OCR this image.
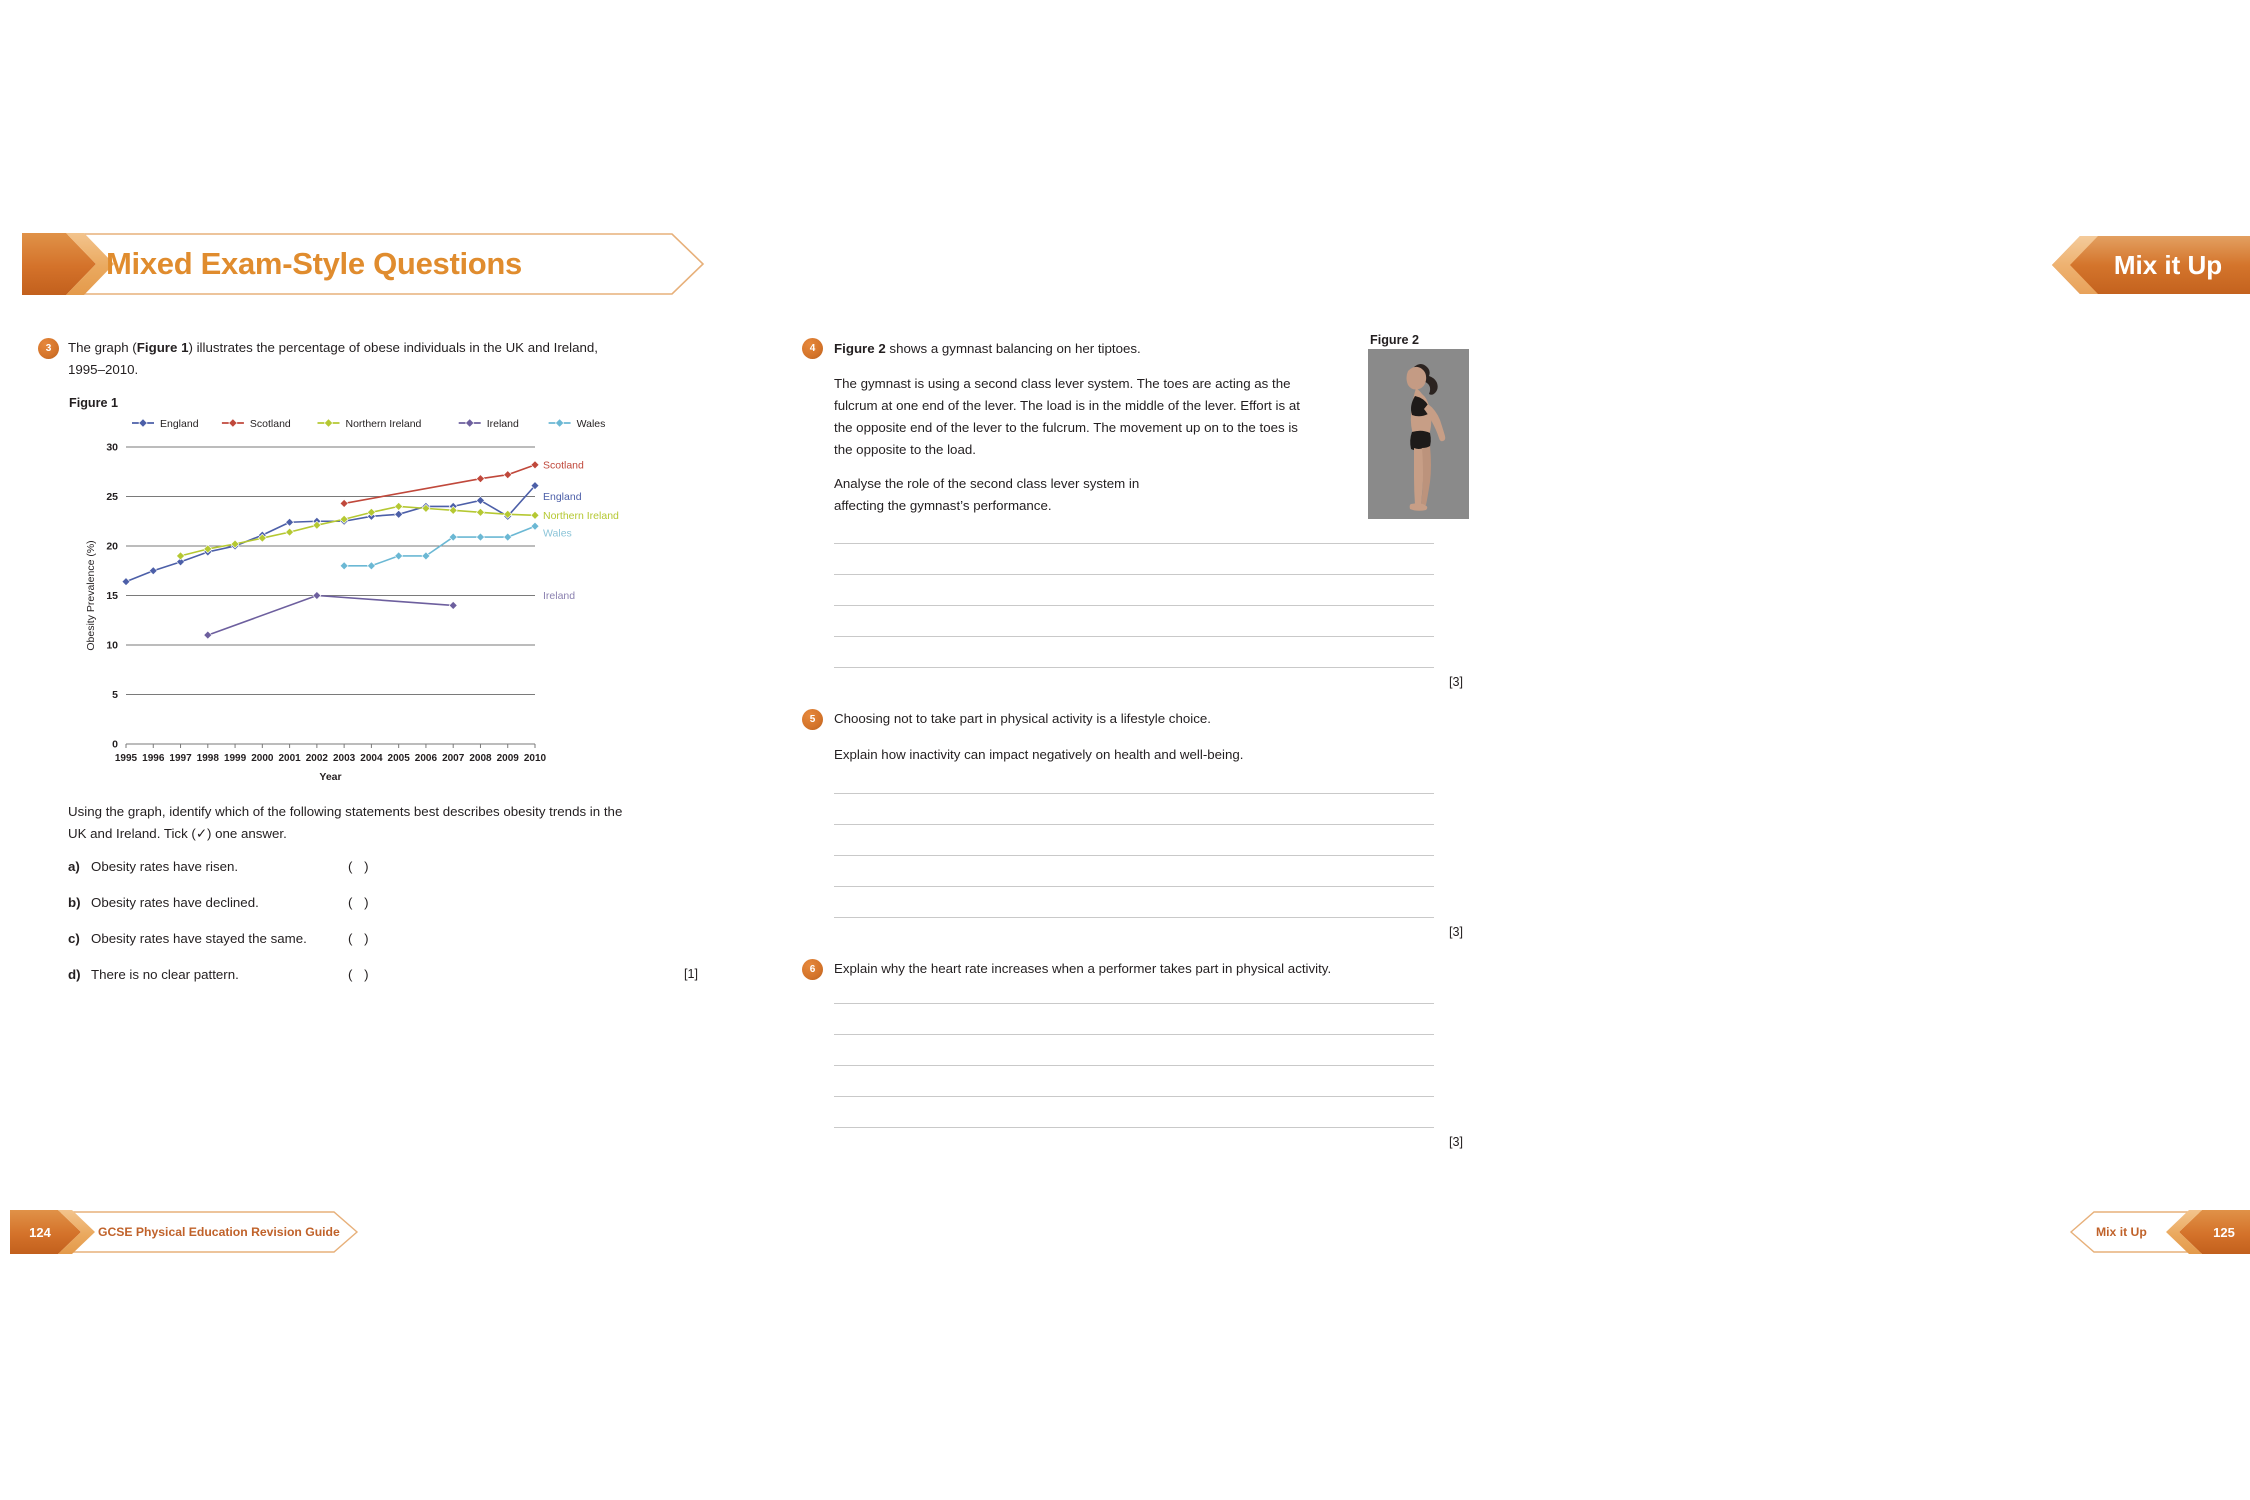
Mixed Exam-Style Questions
3	The graph (Figure 1) illustrates the percentage of obese individuals in the UK and Ireland,
1995–2010.
Figure 1
England	Scotland	Northern Ireland	Ireland	Wales
5
10
15
20
25
30
0
1995 1996 1997 1998 1999 2000 2001 2002 2003 2004 2005 2006 2007 2008 2009 2010
Year
Obesity Prevalence (%)
Scotland
England
Northern Ireland
Wales
Ireland
Using the graph, identify which of the following statements best describes obesity trends in the
UK and Ireland. Tick (✓) one answer.
a) Obesity rates have risen.	( )
b) Obesity rates have declined.	( )
c) Obesity rates have stayed the same.	( )
d) There is no clear pattern.	( )	[1]
124	GCSE Physical Education Revision Guide
Mix it Up
4	Figure 2 shows a gymnast balancing on her tiptoes.
The gymnast is using a second class lever system. The toes are acting as the
fulcrum at one end of the lever. The load is in the middle of the lever. Effort is at
the opposite end of the lever to the fulcrum. The movement up on to the toes is
the opposite to the load.
Analyse the role of the second class lever system in
affecting the gymnast’s performance.
Figure 2
[3]
5	Choosing not to take part in physical activity is a lifestyle choice.
Explain how inactivity can impact negatively on health and well-being.
[3]
6	Explain why the heart rate increases when a performer takes part in physical activity.
[3]
Mix it Up	125
